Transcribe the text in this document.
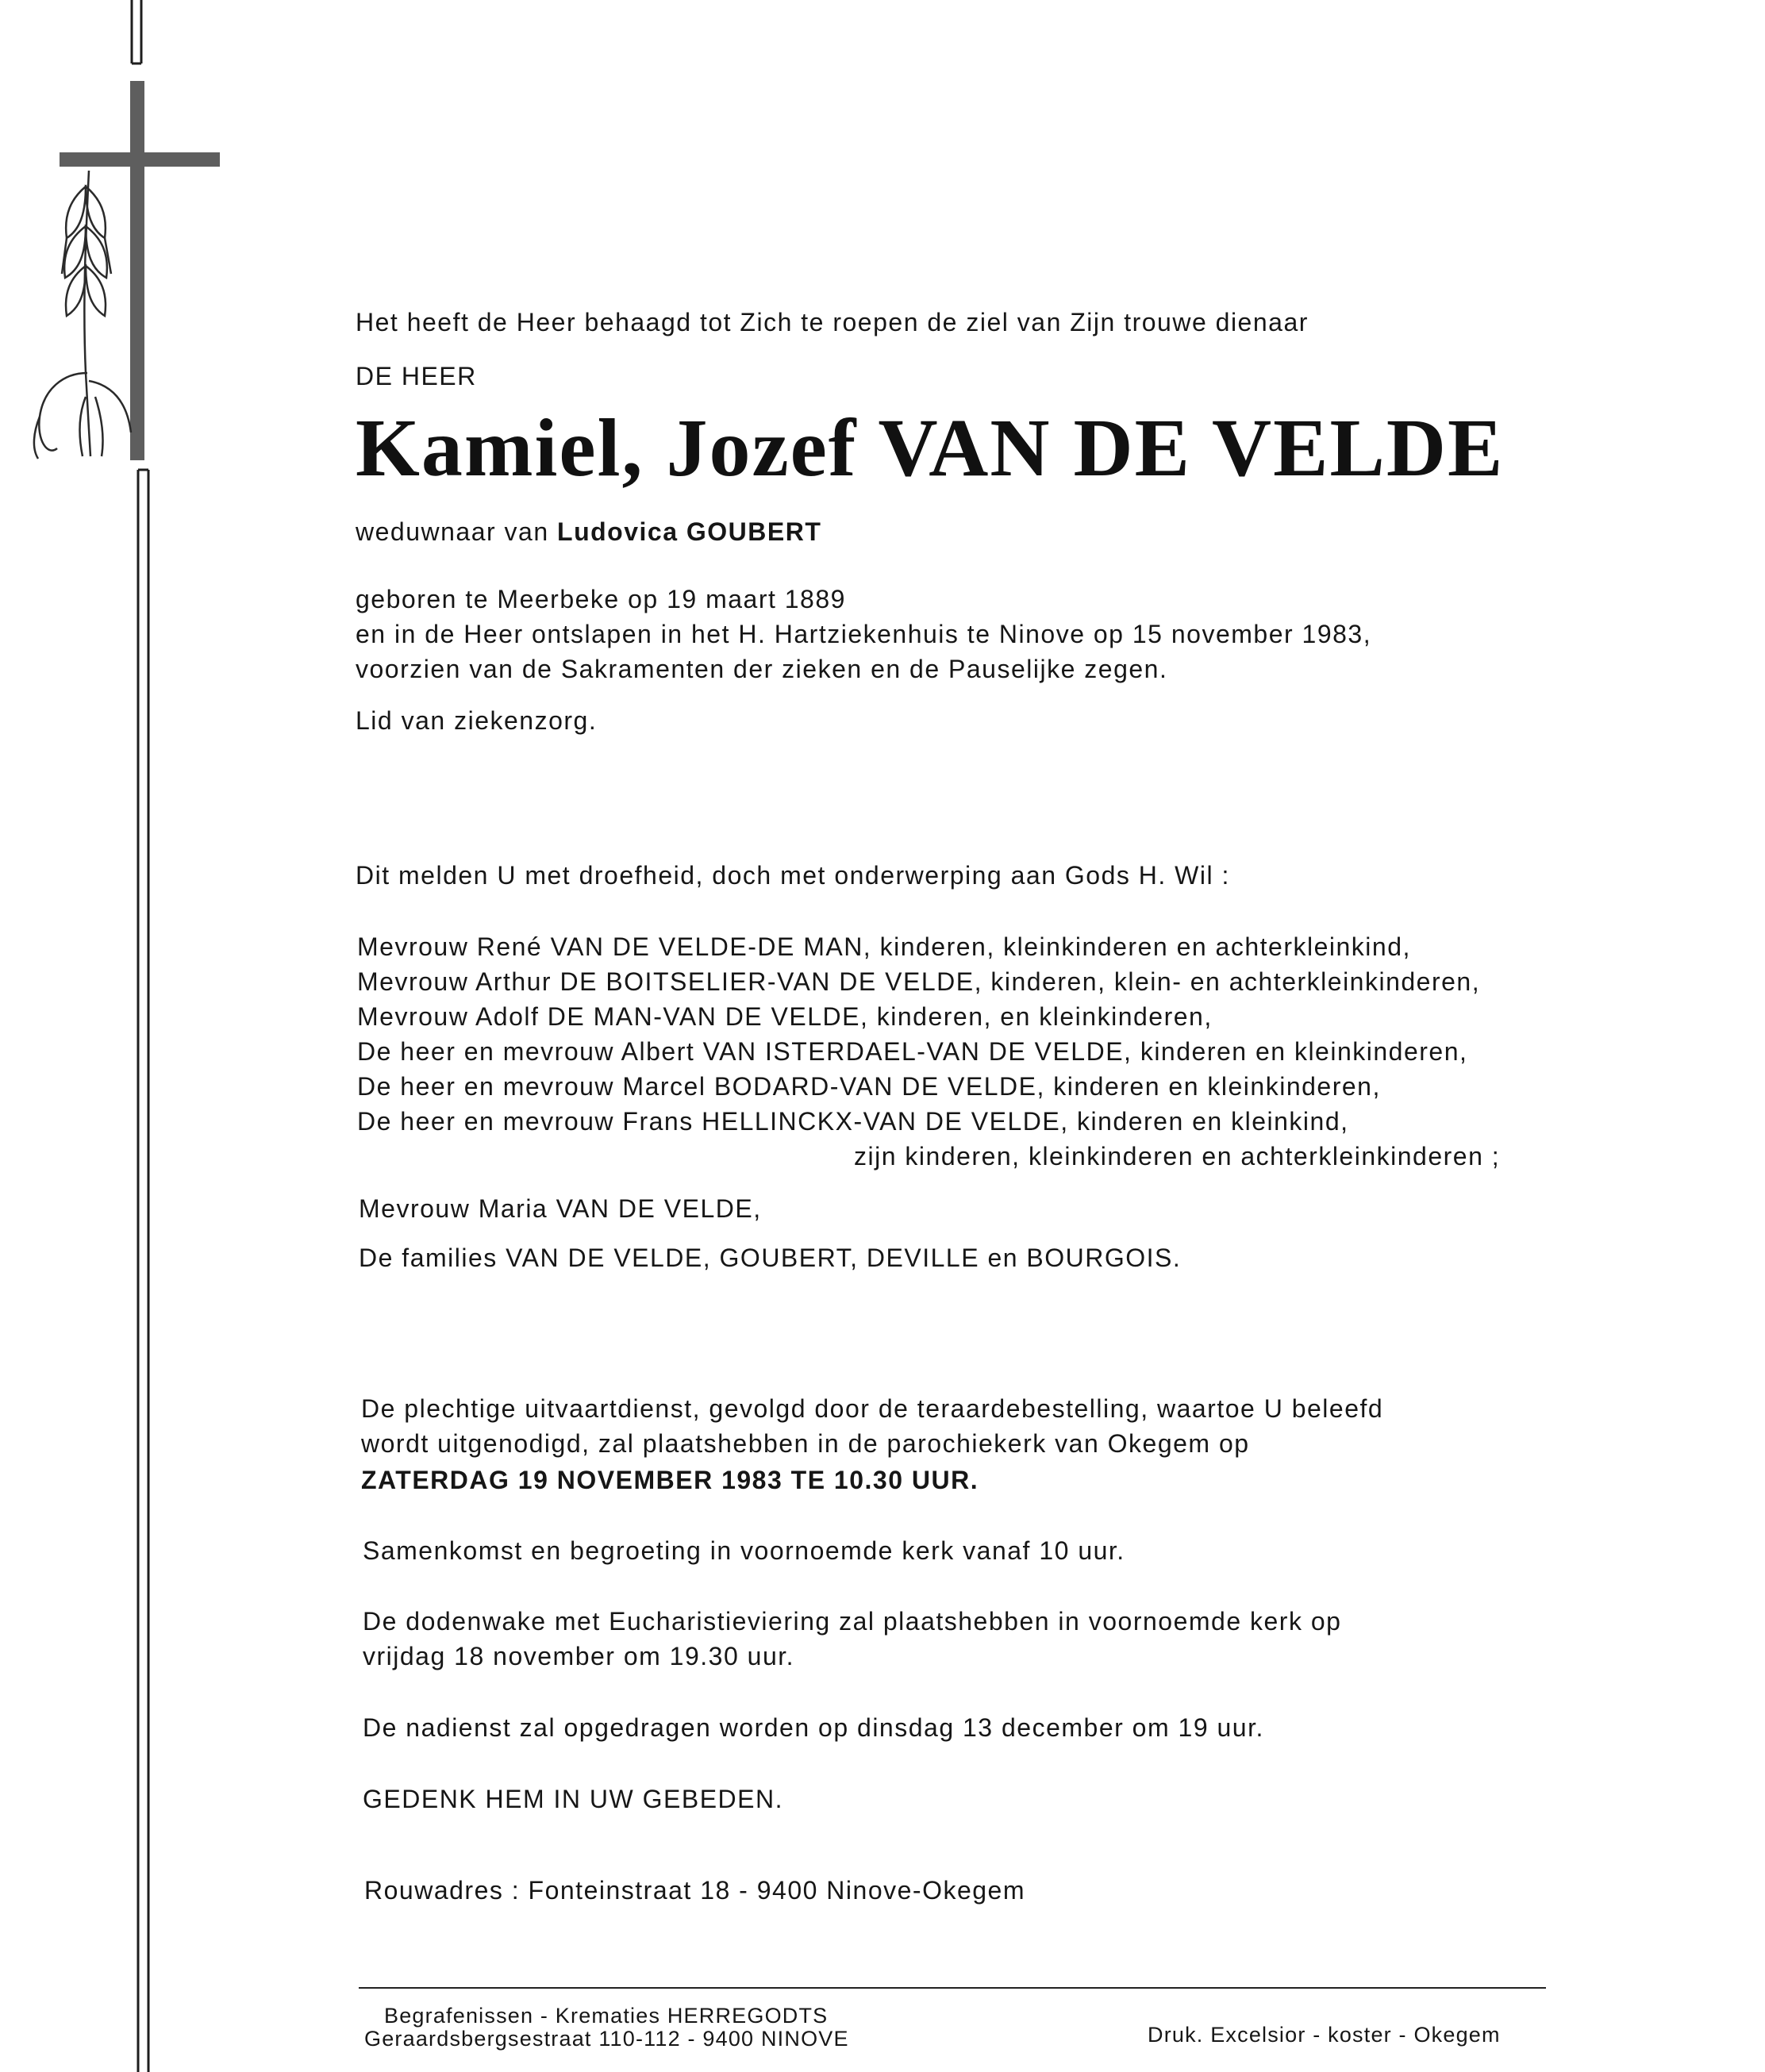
Het heeft de Heer behaagd tot Zich te roepen de ziel van Zijn trouwe dienaar

DE HEER

Kamiel, Jozef VAN DE VELDE

weduwnaar van Ludovica GOUBERT

geboren te Meerbeke op 19 maart 1889

en in de Heer ontslapen in het H. Hartziekenhuis te Ninove op 15 november 1983,

voorzien van de Sakramenten der zieken en de Pauselijke zegen.

Lid van ziekenzorg.

Dit melden U met droefheid, doch met onderwerping aan Gods H. Wil :

Mevrouw René VAN DE VELDE-DE MAN, kinderen, kleinkinderen en achterkleinkind,

Mevrouw Arthur DE BOITSELIER-VAN DE VELDE, kinderen, klein- en achterkleinkinderen,

Mevrouw Adolf DE MAN-VAN DE VELDE, kinderen, en kleinkinderen,

De heer en mevrouw Albert VAN ISTERDAEL-VAN DE VELDE, kinderen en kleinkinderen,

De heer en mevrouw Marcel BODARD-VAN DE VELDE, kinderen en kleinkinderen,

De heer en mevrouw Frans HELLINCKX-VAN DE VELDE, kinderen en kleinkind,

zijn kinderen, kleinkinderen en achterkleinkinderen ;

Mevrouw Maria VAN DE VELDE,

De families VAN DE VELDE, GOUBERT, DEVILLE en BOURGOIS.

De plechtige uitvaartdienst, gevolgd door de teraardebestelling, waartoe U beleefd

wordt uitgenodigd, zal plaatshebben in de parochiekerk van Okegem op

ZATERDAG 19 NOVEMBER 1983 TE 10.30 UUR.

Samenkomst en begroeting in voornoemde kerk vanaf 10 uur.

De dodenwake met Eucharistieviering zal plaatshebben in voornoemde kerk op

vrijdag 18 november om 19.30 uur.

De nadienst zal opgedragen worden op dinsdag 13 december om 19 uur.

GEDENK HEM IN UW GEBEDEN.

Rouwadres : Fonteinstraat 18 - 9400 Ninove-Okegem

Begrafenissen - Krematies HERREGODTS

Geraardsbergsestraat 110-112 - 9400 NINOVE	Druk. Excelsior - koster - Okegem
